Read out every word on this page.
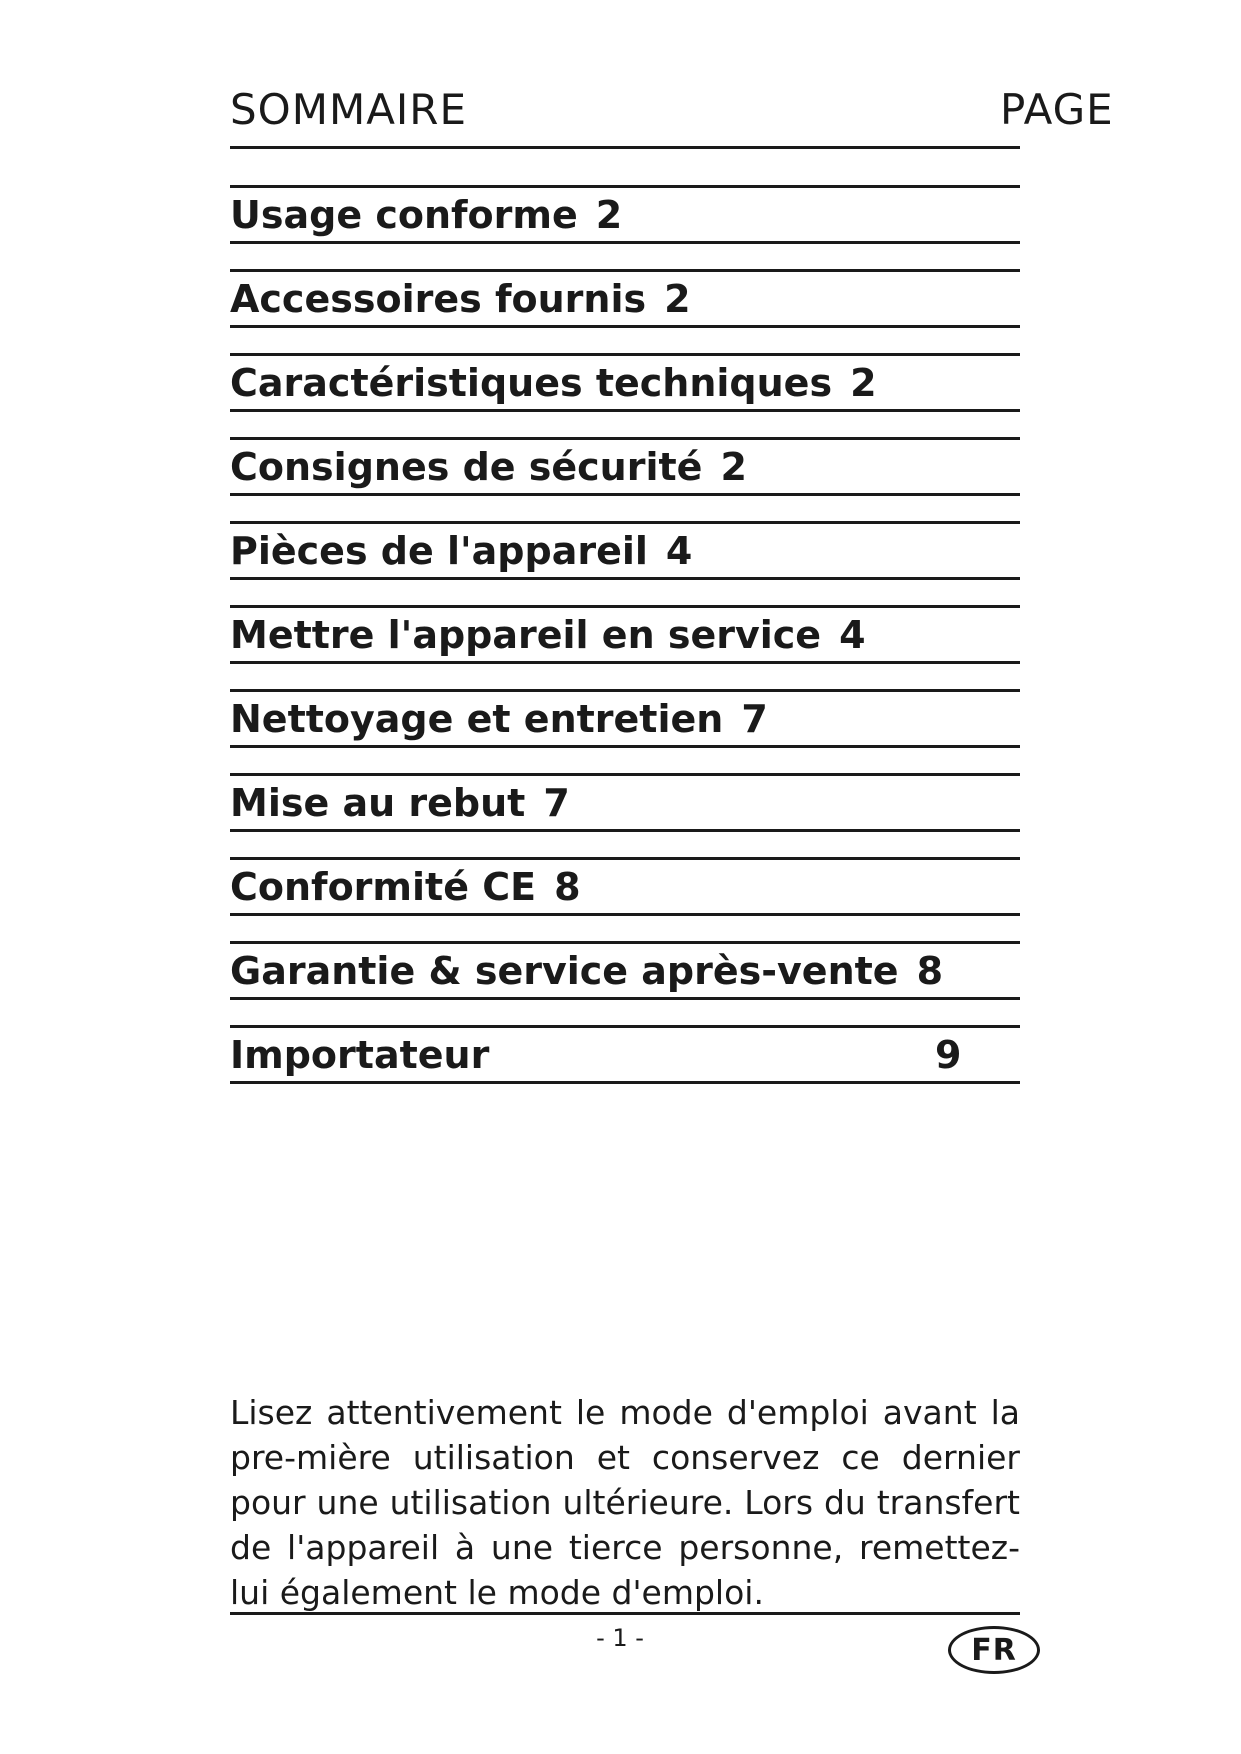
SOMMAIRE	PAGE
Usage conforme 2
Accessoires fournis 2
Caractéristiques techniques 2
Consignes de sécurité 2
Pièces de l'appareil 4
Mettre l'appareil en service 4
Nettoyage et entretien 7
Mise au rebut 7
Conformité CE 8
Garantie & service après-vente 8
Importateur	9

Lisez attentivement le mode d'emploi avant la pre-mière utilisation et conservez ce dernier pour une utilisation ultérieure. Lors du transfert de l'appareil à une tierce personne, remettez-lui également le mode d'emploi.

- 1 -	FR
